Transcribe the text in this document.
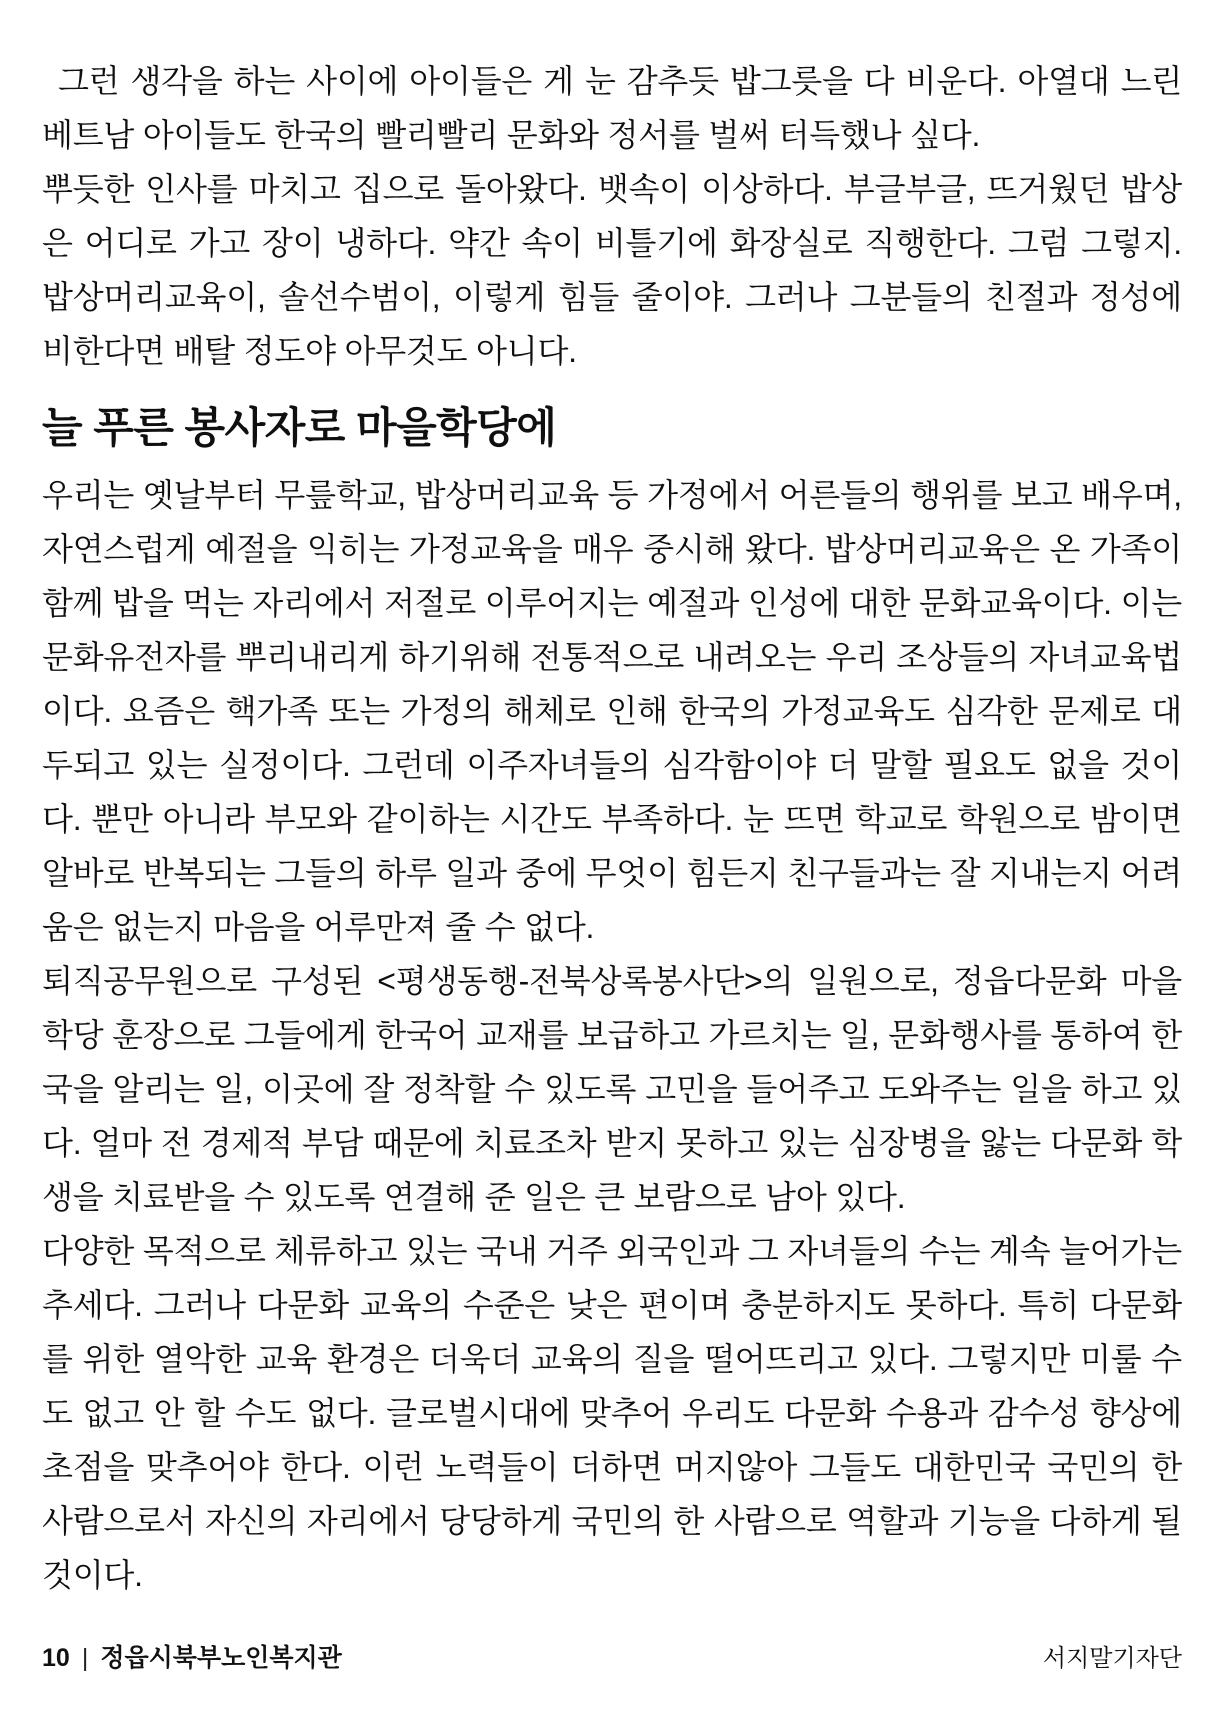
그런 생각을 하는 사이에 아이들은 게 눈 감추듯 밥그릇을 다 비운다. 아열대 느린 베트남 아이들도 한국의 빨리빨리 문화와 정서를 벌써 터득했나 싶다.

뿌듯한 인사를 마치고 집으로 돌아왔다. 뱃속이 이상하다. 부글부글, 뜨거웠던 밥상은 어디로 가고 장이 냉하다. 약간 속이 비틀기에 화장실로 직행한다. 그럼 그렇지. 밥상머리교육이, 솔선수범이, 이렇게 힘들 줄이야. 그러나 그분들의 친절과 정성에 비한다면 배탈 정도야 아무것도 아니다.

늘 푸른 봉사자로 마을학당에

우리는 옛날부터 무릎학교, 밥상머리교육 등 가정에서 어른들의 행위를 보고 배우며, 자연스럽게 예절을 익히는 가정교육을 매우 중시해 왔다. 밥상머리교육은 온 가족이 함께 밥을 먹는 자리에서 저절로 이루어지는 예절과 인성에 대한 문화교육이다. 이는 문화유전자를 뿌리내리게 하기위해 전통적으로 내려오는 우리 조상들의 자녀교육법이다. 요즘은 핵가족 또는 가정의 해체로 인해 한국의 가정교육도 심각한 문제로 대두되고 있는 실정이다. 그런데 이주자녀들의 심각함이야 더 말할 필요도 없을 것이다. 뿐만 아니라 부모와 같이하는 시간도 부족하다. 눈 뜨면 학교로 학원으로 밤이면 알바로 반복되는 그들의 하루 일과 중에 무엇이 힘든지 친구들과는 잘 지내는지 어려움은 없는지 마음을 어루만져 줄 수 없다.

퇴직공무원으로 구성된 <평생동행-전북상록봉사단>의 일원으로, 정읍다문화 마을학당 훈장으로 그들에게 한국어 교재를 보급하고 가르치는 일, 문화행사를 통하여 한국을 알리는 일, 이곳에 잘 정착할 수 있도록 고민을 들어주고 도와주는 일을 하고 있다. 얼마 전 경제적 부담 때문에 치료조차 받지 못하고 있는 심장병을 앓는 다문화 학생을 치료받을 수 있도록 연결해 준 일은 큰 보람으로 남아 있다.

다양한 목적으로 체류하고 있는 국내 거주 외국인과 그 자녀들의 수는 계속 늘어가는 추세다. 그러나 다문화 교육의 수준은 낮은 편이며 충분하지도 못하다. 특히 다문화를 위한 열악한 교육 환경은 더욱더 교육의 질을 떨어뜨리고 있다. 그렇지만 미룰 수도 없고 안 할 수도 없다. 글로벌시대에 맞추어 우리도 다문화 수용과 감수성 향상에 초점을 맞추어야 한다. 이런 노력들이 더하면 머지않아 그들도 대한민국 국민의 한 사람으로서 자신의 자리에서 당당하게 국민의 한 사람으로 역할과 기능을 다하게 될 것이다.

10 | 정읍시북부노인복지관	서지말기자단
